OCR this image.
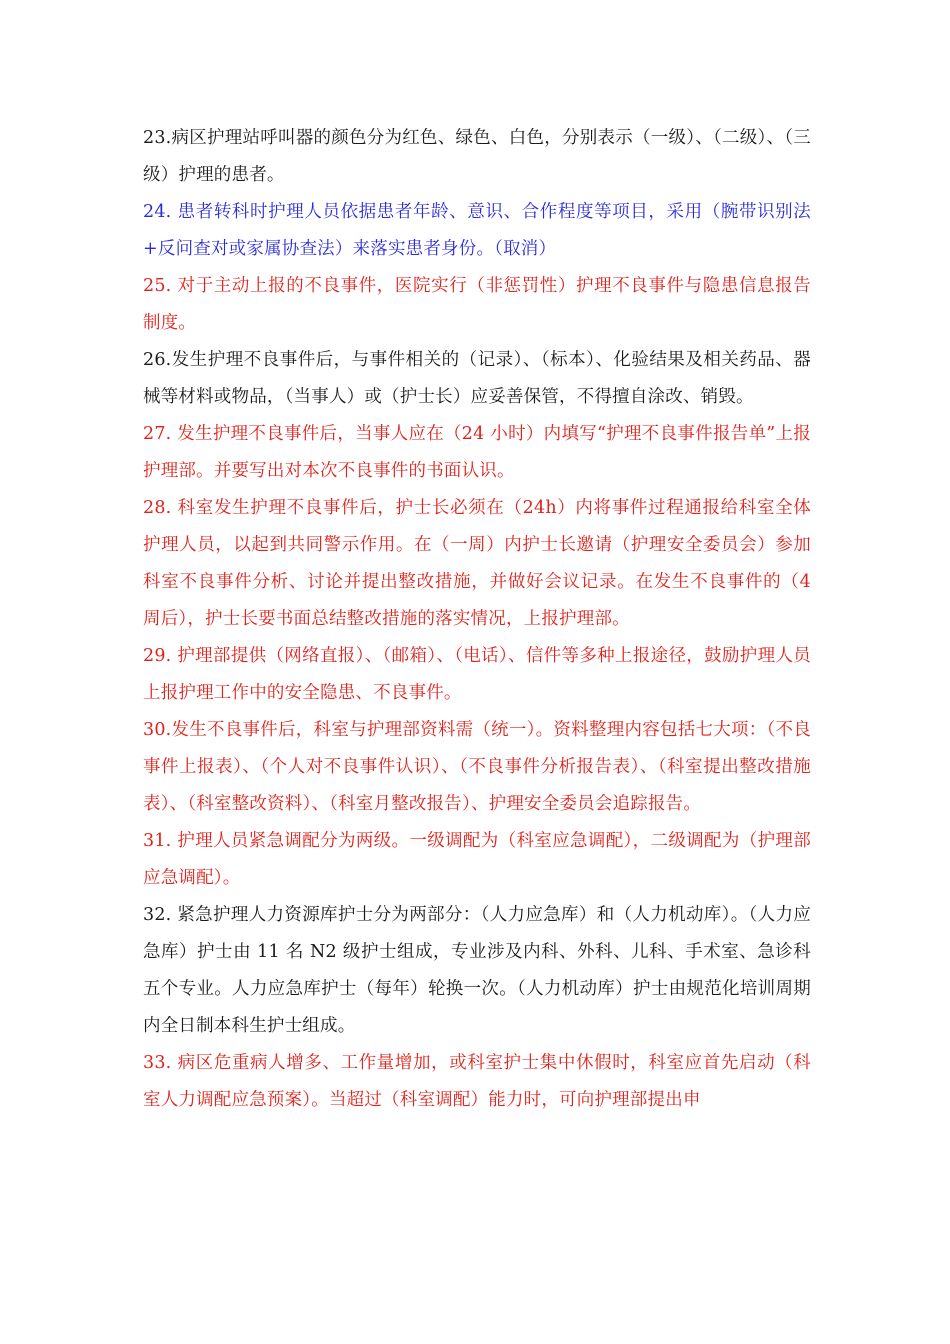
23.病区护理站呼叫器的颜色分为红色、绿色、白色，分别表示（一级）、（二级）、（三级）护理的患者。

24. 患者转科时护理人员依据患者年龄、意识、合作程度等项目，采用（腕带识别法+反问查对或家属协查法）来落实患者身份。（取消）

25. 对于主动上报的不良事件，医院实行（非惩罚性）护理不良事件与隐患信息报告制度。

26.发生护理不良事件后，与事件相关的（记录）、（标本）、化验结果及相关药品、器械等材料或物品，（当事人）或（护士长）应妥善保管，不得擅自涂改、销毁。

27. 发生护理不良事件后，当事人应在（24 小时）内填写“护理不良事件报告单”上报护理部。并要写出对本次不良事件的书面认识。

28. 科室发生护理不良事件后，护士长必须在（24h）内将事件过程通报给科室全体护理人员，以起到共同警示作用。在（一周）内护士长邀请（护理安全委员会）参加科室不良事件分析、讨论并提出整改措施，并做好会议记录。在发生不良事件的（4 周后），护士长要书面总结整改措施的落实情况，上报护理部。

29. 护理部提供（网络直报）、（邮箱）、（电话）、信件等多种上报途径，鼓励护理人员上报护理工作中的安全隐患、不良事件。

30.发生不良事件后，科室与护理部资料需（统一）。资料整理内容包括七大项：（不良事件上报表）、（个人对不良事件认识）、（不良事件分析报告表）、（科室提出整改措施表）、（科室整改资料）、（科室月整改报告）、护理安全委员会追踪报告。

31. 护理人员紧急调配分为两级。一级调配为（科室应急调配），二级调配为（护理部应急调配）。

32. 紧急护理人力资源库护士分为两部分：（人力应急库）和（人力机动库）。（人力应急库）护士由 11 名 N2 级护士组成，专业涉及内科、外科、儿科、手术室、急诊科五个专业。人力应急库护士（每年）轮换一次。（人力机动库）护士由规范化培训周期内全日制本科生护士组成。

33. 病区危重病人增多、工作量增加，或科室护士集中休假时，科室应首先启动（科室人力调配应急预案）。当超过（科室调配）能力时，可向护理部提出申
